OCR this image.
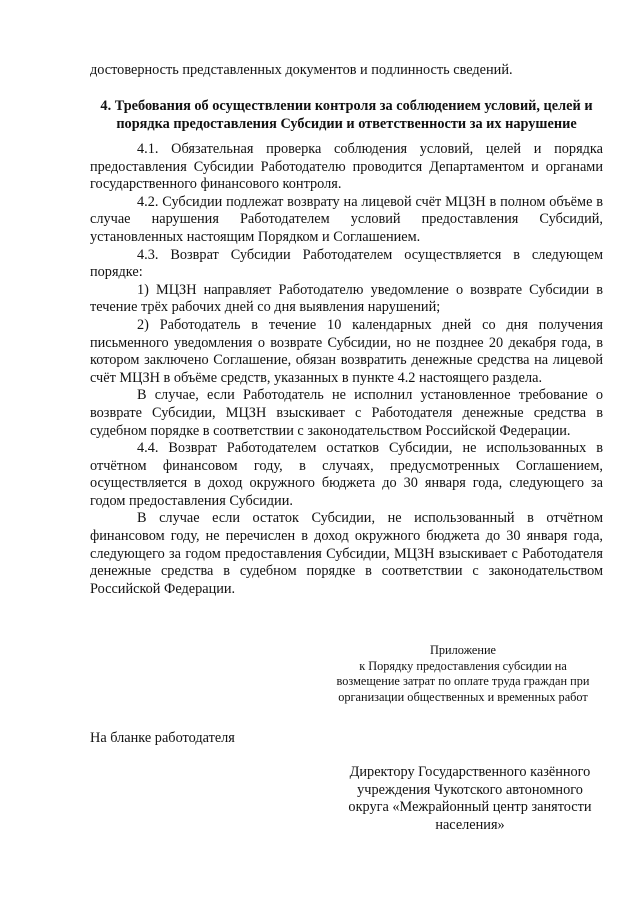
достоверность представленных документов и подлинность сведений.
4. Требования об осуществлении контроля за соблюдением условий, целей и порядка предоставления Субсидии и ответственности за их нарушение

4.1. Обязательная проверка соблюдения условий, целей и порядка предоставления Субсидии Работодателю проводится Департаментом и органами государственного финансового контроля.

4.2. Субсидии подлежат возврату на лицевой счёт МЦЗН в полном объёме в случае нарушения Работодателем условий предоставления Субсидий, установленных настоящим Порядком и Соглашением.

4.3. Возврат Субсидии Работодателем осуществляется в следующем порядке:

1) МЦЗН направляет Работодателю уведомление о возврате Субсидии в течение трёх рабочих дней со дня выявления нарушений;

2) Работодатель в течение 10 календарных дней со дня получения письменного уведомления о возврате Субсидии, но не позднее 20 декабря года, в котором заключено Соглашение, обязан возвратить денежные средства на лицевой счёт МЦЗН в объёме средств, указанных в пункте 4.2 настоящего раздела.

В случае, если Работодатель не исполнил установленное требование о возврате Субсидии, МЦЗН взыскивает с Работодателя денежные средства в судебном порядке в соответствии с законодательством Российской Федерации.

4.4. Возврат Работодателем остатков Субсидии, не использованных в отчётном финансовом году, в случаях, предусмотренных Соглашением, осуществляется в доход окружного бюджета до 30 января года, следующего за годом предоставления Субсидии.

В случае если остаток Субсидии, не использованный в отчётном финансовом году, не перечислен в доход окружного бюджета до 30 января года, следующего за годом предоставления Субсидии, МЦЗН взыскивает с Работодателя денежные средства в судебном порядке в соответствии с законодательством Российской Федерации.

Приложение
к Порядку предоставления субсидии на
возмещение затрат по оплате труда граждан при
организации общественных и временных работ
На бланке работодателя
Директору Государственного казённого
учреждения Чукотского автономного
округа «Межрайонный центр занятости
населения»
